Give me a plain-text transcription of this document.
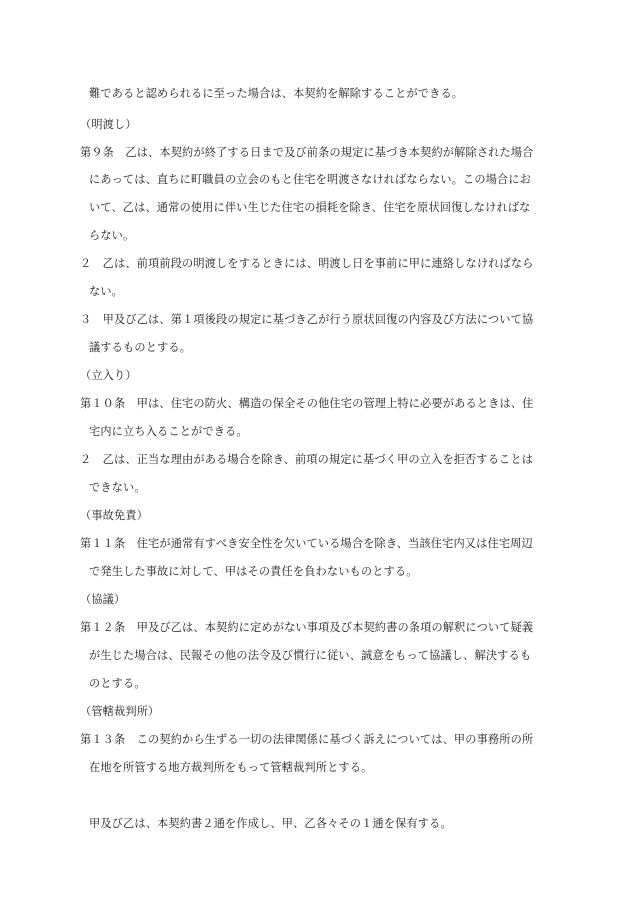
難であると認められるに至った場合は、本契約を解除することができる。
（明渡し）
第９条　乙は、本契約が終了する日まで及び前条の規定に基づき本契約が解除された場合
にあっては、直ちに町職員の立会のもと住宅を明渡さなければならない。この場合にお
いて、乙は、通常の使用に伴い生じた住宅の損耗を除き、住宅を原状回復しなければな
らない。
２　乙は、前項前段の明渡しをするときには、明渡し日を事前に甲に連絡しなければなら
ない。
３　甲及び乙は、第１項後段の規定に基づき乙が行う原状回復の内容及び方法について協
議するものとする。
（立入り）
第１０条　甲は、住宅の防火、構造の保全その他住宅の管理上特に必要があるときは、住
宅内に立ち入ることができる。
２　乙は、正当な理由がある場合を除き、前項の規定に基づく甲の立入を拒否することは
できない。
（事故免責）
第１１条　住宅が通常有すべき安全性を欠いている場合を除き、当該住宅内又は住宅周辺
で発生した事故に対して、甲はその責任を負わないものとする。
（協議）
第１２条　甲及び乙は、本契約に定めがない事項及び本契約書の条項の解釈について疑義
が生じた場合は、民報その他の法令及び慣行に従い、誠意をもって協議し、解決するも
のとする。
（管轄裁判所）
第１３条　この契約から生ずる一切の法律関係に基づく訴えについては、甲の事務所の所
在地を所管する地方裁判所をもって管轄裁判所とする。
甲及び乙は、本契約書２通を作成し、甲、乙各々その１通を保有する。
